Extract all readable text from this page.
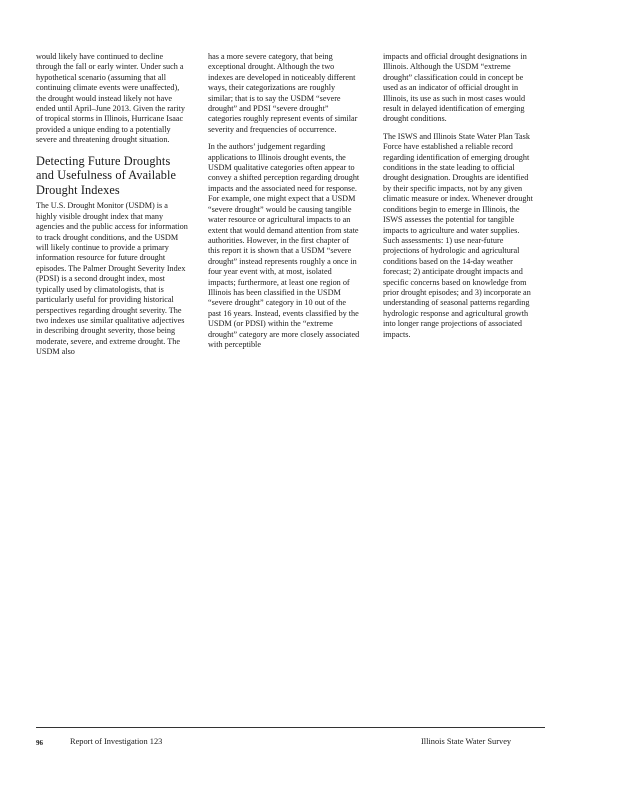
would likely have continued to decline through the fall or early winter. Under such a hypothetical scenario (assuming that all continuing climate events were unaffected), the drought would instead likely not have ended until April–June 2013. Given the rarity of tropical storms in Illinois, Hurricane Isaac provided a unique ending to a potentially severe and threatening drought situation.

Detecting Future Droughts and Usefulness of Available Drought Indexes

The U.S. Drought Monitor (USDM) is a highly visible drought index that many agencies and the public access for information to track drought conditions, and the USDM will likely continue to provide a primary information resource for future drought episodes. The Palmer Drought Severity Index (PDSI) is a second drought index, most typically used by climatologists, that is particularly useful for providing historical perspectives regarding drought severity. The two indexes use similar qualitative adjectives in describing drought severity, those being moderate, severe, and extreme drought. The USDM also

has a more severe category, that being exceptional drought. Although the two indexes are developed in noticeably different ways, their categorizations are roughly similar; that is to say the USDM “severe drought” and PDSI “severe drought” categories roughly represent events of similar severity and frequencies of occurrence.

In the authors’ judgement regarding applications to Illinois drought events, the USDM qualitative categories often appear to convey a shifted perception regarding drought impacts and the associated need for response. For example, one might expect that a USDM “severe drought” would be causing tangible water resource or agricultural impacts to an extent that would demand attention from state authorities. However, in the first chapter of this report it is shown that a USDM “severe drought” instead represents roughly a once in four year event with, at most, isolated impacts; furthermore, at least one region of Illinois has been classified in the USDM “severe drought” category in 10 out of the past 16 years. Instead, events classified by the USDM (or PDSI) within the “extreme drought” category are more closely associated with perceptible

impacts and official drought designations in Illinois. Although the USDM “extreme drought” classification could in concept be used as an indicator of official drought in Illinois, its use as such in most cases would result in delayed identification of emerging drought conditions.

The ISWS and Illinois State Water Plan Task Force have established a reliable record regarding identification of emerging drought conditions in the state leading to official drought designation. Droughts are identified by their specific impacts, not by any given climatic measure or index. Whenever drought conditions begin to emerge in Illinois, the ISWS assesses the potential for tangible impacts to agriculture and water supplies. Such assessments: 1) use near-future projections of hydrologic and agricultural conditions based on the 14-day weather forecast; 2) anticipate drought impacts and specific concerns based on knowledge from prior drought episodes; and 3) incorporate an understanding of seasonal patterns regarding hydrologic response and agricultural growth into longer range projections of associated impacts.

96	Report of Investigation 123	Illinois State Water Survey
